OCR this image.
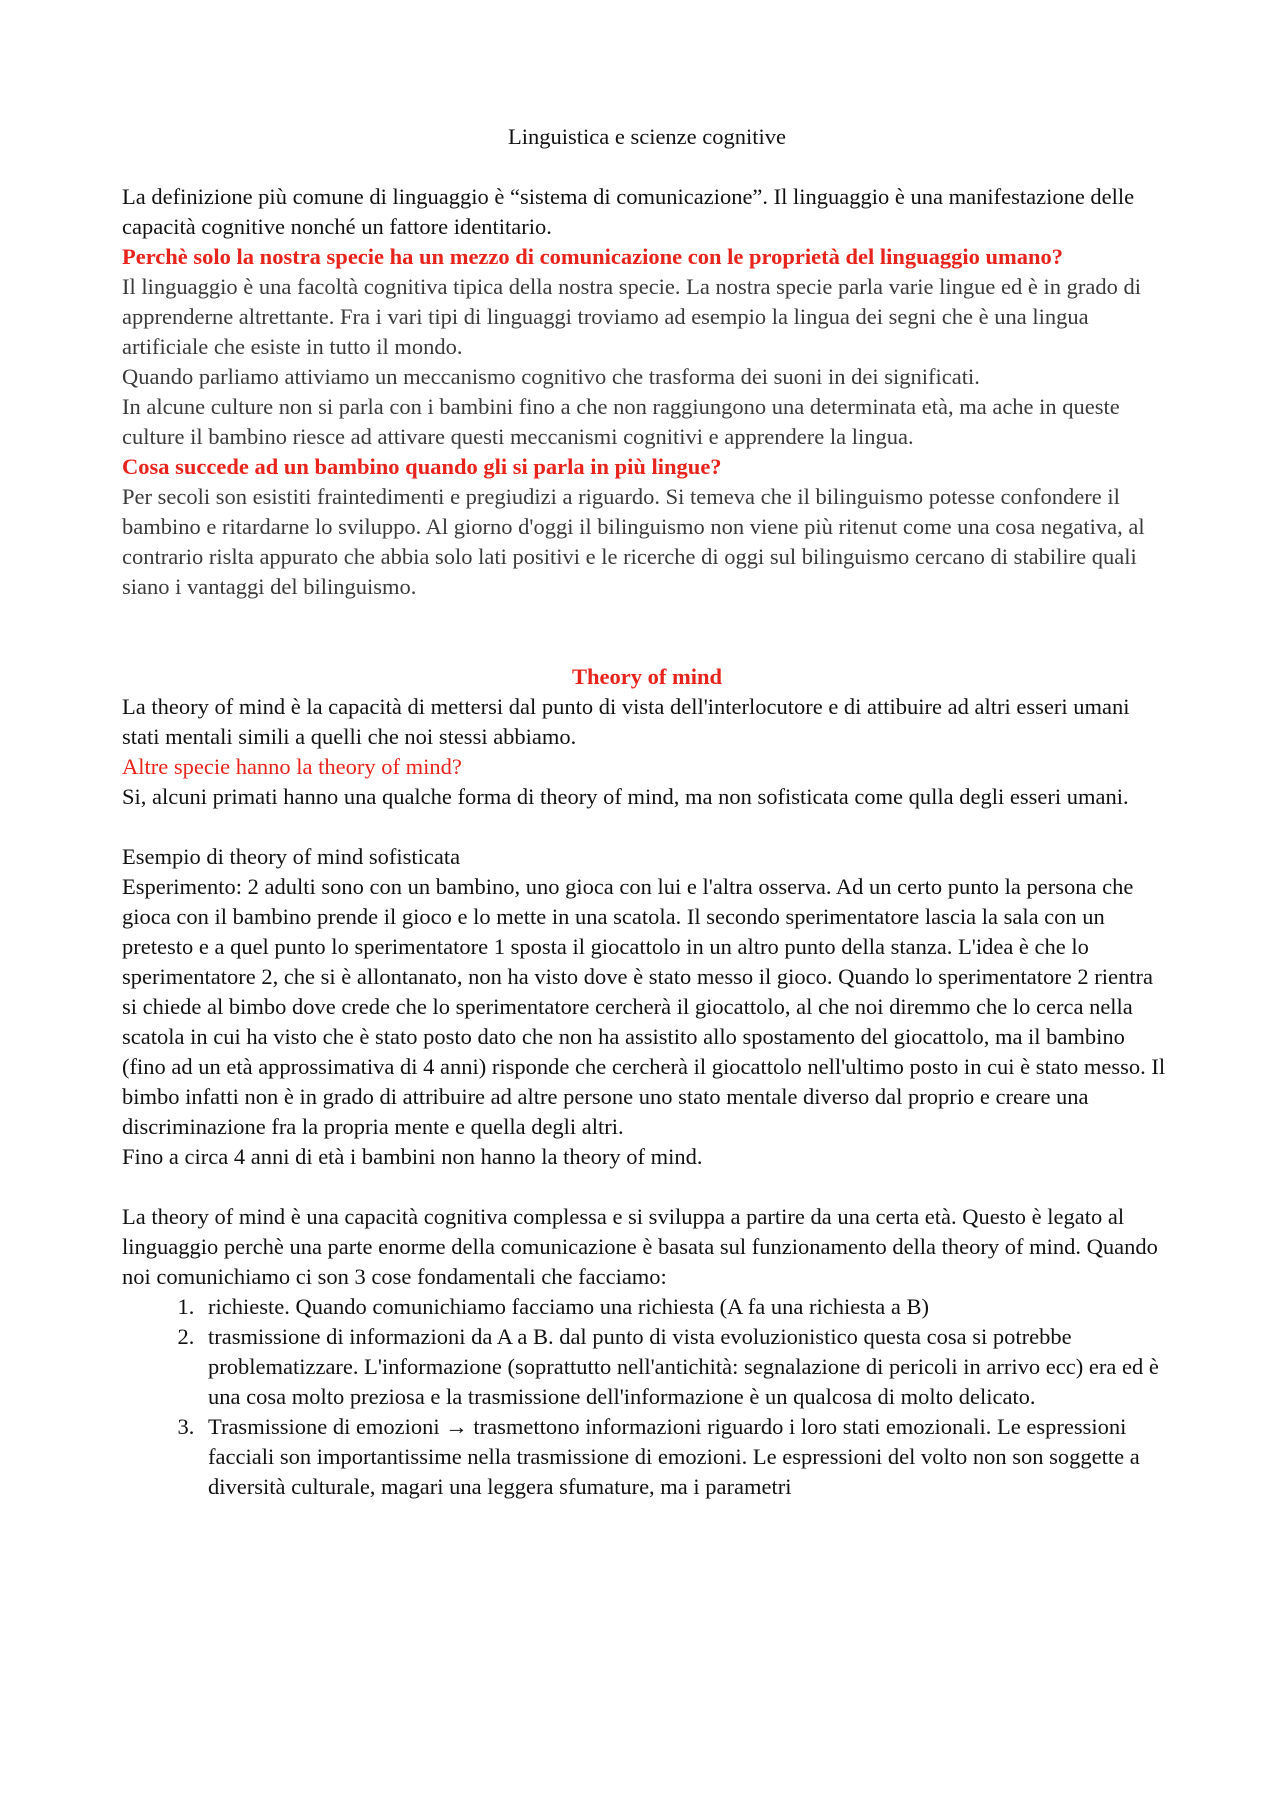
Linguistica e scienze cognitive

La definizione più comune di linguaggio è “sistema di comunicazione”. Il linguaggio è una manifestazione delle capacità cognitive nonché un fattore identitario.

Perchè solo la nostra specie ha un mezzo di comunicazione con le proprietà del linguaggio umano?

Il linguaggio è una facoltà cognitiva tipica della nostra specie. La nostra specie parla varie lingue ed è in grado di apprenderne altrettante. Fra i vari tipi di linguaggi troviamo ad esempio la lingua dei segni che è una lingua artificiale che esiste in tutto il mondo.

Quando parliamo attiviamo un meccanismo cognitivo che trasforma dei suoni in dei significati.

In alcune culture non si parla con i bambini fino a che non raggiungono una determinata età, ma ache in queste culture il bambino riesce ad attivare questi meccanismi cognitivi e apprendere la lingua.

Cosa succede ad un bambino quando gli si parla in più lingue?

Per secoli son esistiti fraintedimenti e pregiudizi a riguardo. Si temeva che il bilinguismo potesse confondere il bambino e ritardarne lo sviluppo. Al giorno d'oggi il bilinguismo non viene più ritenut come una cosa negativa, al contrario rislta appurato che abbia solo lati positivi e le ricerche di oggi sul bilinguismo cercano di stabilire quali siano i vantaggi del bilinguismo.

Theory of mind

La theory of mind è la capacità di mettersi dal punto di vista dell'interlocutore e di attibuire ad altri esseri umani stati mentali simili a quelli che noi stessi abbiamo.

Altre specie hanno la theory of mind?

Si, alcuni primati hanno una qualche forma di theory of mind, ma non sofisticata come qulla degli esseri umani.

Esempio di theory of mind sofisticata

Esperimento: 2 adulti sono con un bambino, uno gioca con lui e l'altra osserva. Ad un certo punto la persona che gioca con il bambino prende il gioco e lo mette in una scatola. Il secondo sperimentatore lascia la sala con un pretesto e a quel punto lo sperimentatore 1 sposta il giocattolo in un altro punto della stanza. L'idea è che lo sperimentatore 2, che si è allontanato, non ha visto dove è stato messo il gioco. Quando lo sperimentatore 2 rientra si chiede al bimbo dove crede che lo sperimentatore cercherà il giocattolo, al che noi diremmo che lo cerca nella scatola in cui ha visto che è stato posto dato che non ha assistito allo spostamento del giocattolo, ma il bambino (fino ad un età approssimativa di 4 anni) risponde che cercherà il giocattolo nell'ultimo posto in cui è stato messo. Il bimbo infatti non è in grado di attribuire ad altre persone uno stato mentale diverso dal proprio e creare una discriminazione fra la propria mente e quella degli altri.

Fino a circa 4 anni di età i bambini non hanno la theory of mind.

La theory of mind è una capacità cognitiva complessa e si sviluppa a partire da una certa età. Questo è legato al linguaggio perchè una parte enorme della comunicazione è basata sul funzionamento della theory of mind. Quando noi comunichiamo ci son 3 cose fondamentali che facciamo:

1. richieste. Quando comunichiamo facciamo una richiesta (A fa una richiesta a B)
2. trasmissione di informazioni da A a B. dal punto di vista evoluzionistico questa cosa si potrebbe problematizzare. L'informazione (soprattutto nell'antichità: segnalazione di pericoli in arrivo ecc) era ed è una cosa molto preziosa e la trasmissione dell'informazione è un qualcosa di molto delicato.
3. Trasmissione di emozioni → trasmettono informazioni riguardo i loro stati emozionali. Le espressioni facciali son importantissime nella trasmissione di emozioni. Le espressioni del volto non son soggette a diversità culturale, magari una leggera sfumature, ma i parametri
